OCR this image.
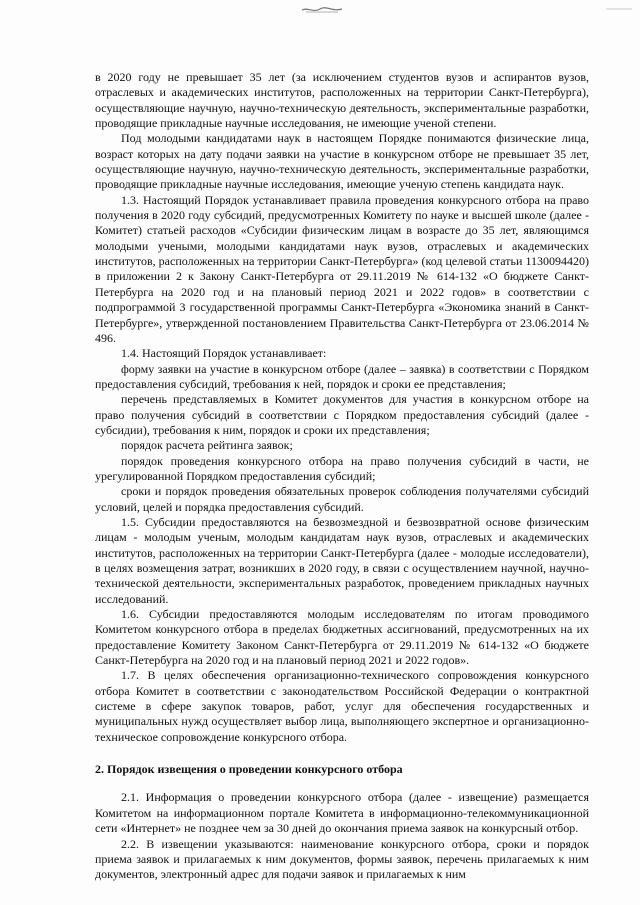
в 2020 году не превышает 35 лет (за исключением студентов вузов и аспирантов вузов, отраслевых и академических институтов, расположенных на территории Санкт-Петербурга), осуществляющие научную, научно-техническую деятельность, экспериментальные разработки, проводящие прикладные научные исследования, не имеющие ученой степени.

Под молодыми кандидатами наук в настоящем Порядке понимаются физические лица, возраст которых на дату подачи заявки на участие в конкурсном отборе не превышает 35 лет, осуществляющие научную, научно-техническую деятельность, экспериментальные разработки, проводящие прикладные научные исследования, имеющие ученую степень кандидата наук.

1.3. Настоящий Порядок устанавливает правила проведения конкурсного отбора на право получения в 2020 году субсидий, предусмотренных Комитету по науке и высшей школе (далее - Комитет) статьей расходов «Субсидии физическим лицам в возрасте до 35 лет, являющимся молодыми учеными, молодыми кандидатами наук вузов, отраслевых и академических институтов, расположенных на территории Санкт-Петербурга» (код целевой статьи 1130094420) в приложении 2 к Закону Санкт-Петербурга от 29.11.2019 № 614-132 «О бюджете Санкт-Петербурга на 2020 год и на плановый период 2021 и 2022 годов» в соответствии с подпрограммой 3 государственной программы Санкт-Петербурга «Экономика знаний в Санкт-Петербурге», утвержденной постановлением Правительства Санкт-Петербурга от 23.06.2014 № 496.

1.4. Настоящий Порядок устанавливает:

форму заявки на участие в конкурсном отборе (далее – заявка) в соответствии с Порядком предоставления субсидий, требования к ней, порядок и сроки ее представления;

перечень представляемых в Комитет документов для участия в конкурсном отборе на право получения субсидий в соответствии с Порядком предоставления субсидий (далее - субсидии), требования к ним, порядок и сроки их представления;

порядок расчета рейтинга заявок;

порядок проведения конкурсного отбора на право получения субсидий в части, не урегулированной Порядком предоставления субсидий;

сроки и порядок проведения обязательных проверок соблюдения получателями субсидий условий, целей и порядка предоставления субсидий.

1.5. Субсидии предоставляются на безвозмездной и безвозвратной основе физическим лицам - молодым ученым, молодым кандидатам наук вузов, отраслевых и академических институтов, расположенных на территории Санкт-Петербурга (далее - молодые исследователи), в целях возмещения затрат, возникших в 2020 году, в связи с осуществлением научной, научно-технической деятельности, экспериментальных разработок, проведением прикладных научных исследований.

1.6. Субсидии предоставляются молодым исследователям по итогам проводимого Комитетом конкурсного отбора в пределах бюджетных ассигнований, предусмотренных на их предоставление Комитету Законом Санкт-Петербурга от 29.11.2019 № 614-132 «О бюджете Санкт-Петербурга на 2020 год и на плановый период 2021 и 2022 годов».

1.7. В целях обеспечения организационно-технического сопровождения конкурсного отбора Комитет в соответствии с законодательством Российской Федерации о контрактной системе в сфере закупок товаров, работ, услуг для обеспечения государственных и муниципальных нужд осуществляет выбор лица, выполняющего экспертное и организационно-техническое сопровождение конкурсного отбора.

2. Порядок извещения о проведении конкурсного отбора

2.1. Информация о проведении конкурсного отбора (далее - извещение) размещается Комитетом на информационном портале Комитета в информационно-телекоммуникационной сети «Интернет» не позднее чем за 30 дней до окончания приема заявок на конкурсный отбор.

2.2. В извещении указываются: наименование конкурсного отбора, сроки и порядок приема заявок и прилагаемых к ним документов, формы заявок, перечень прилагаемых к ним документов, электронный адрес для подачи заявок и прилагаемых к ним
